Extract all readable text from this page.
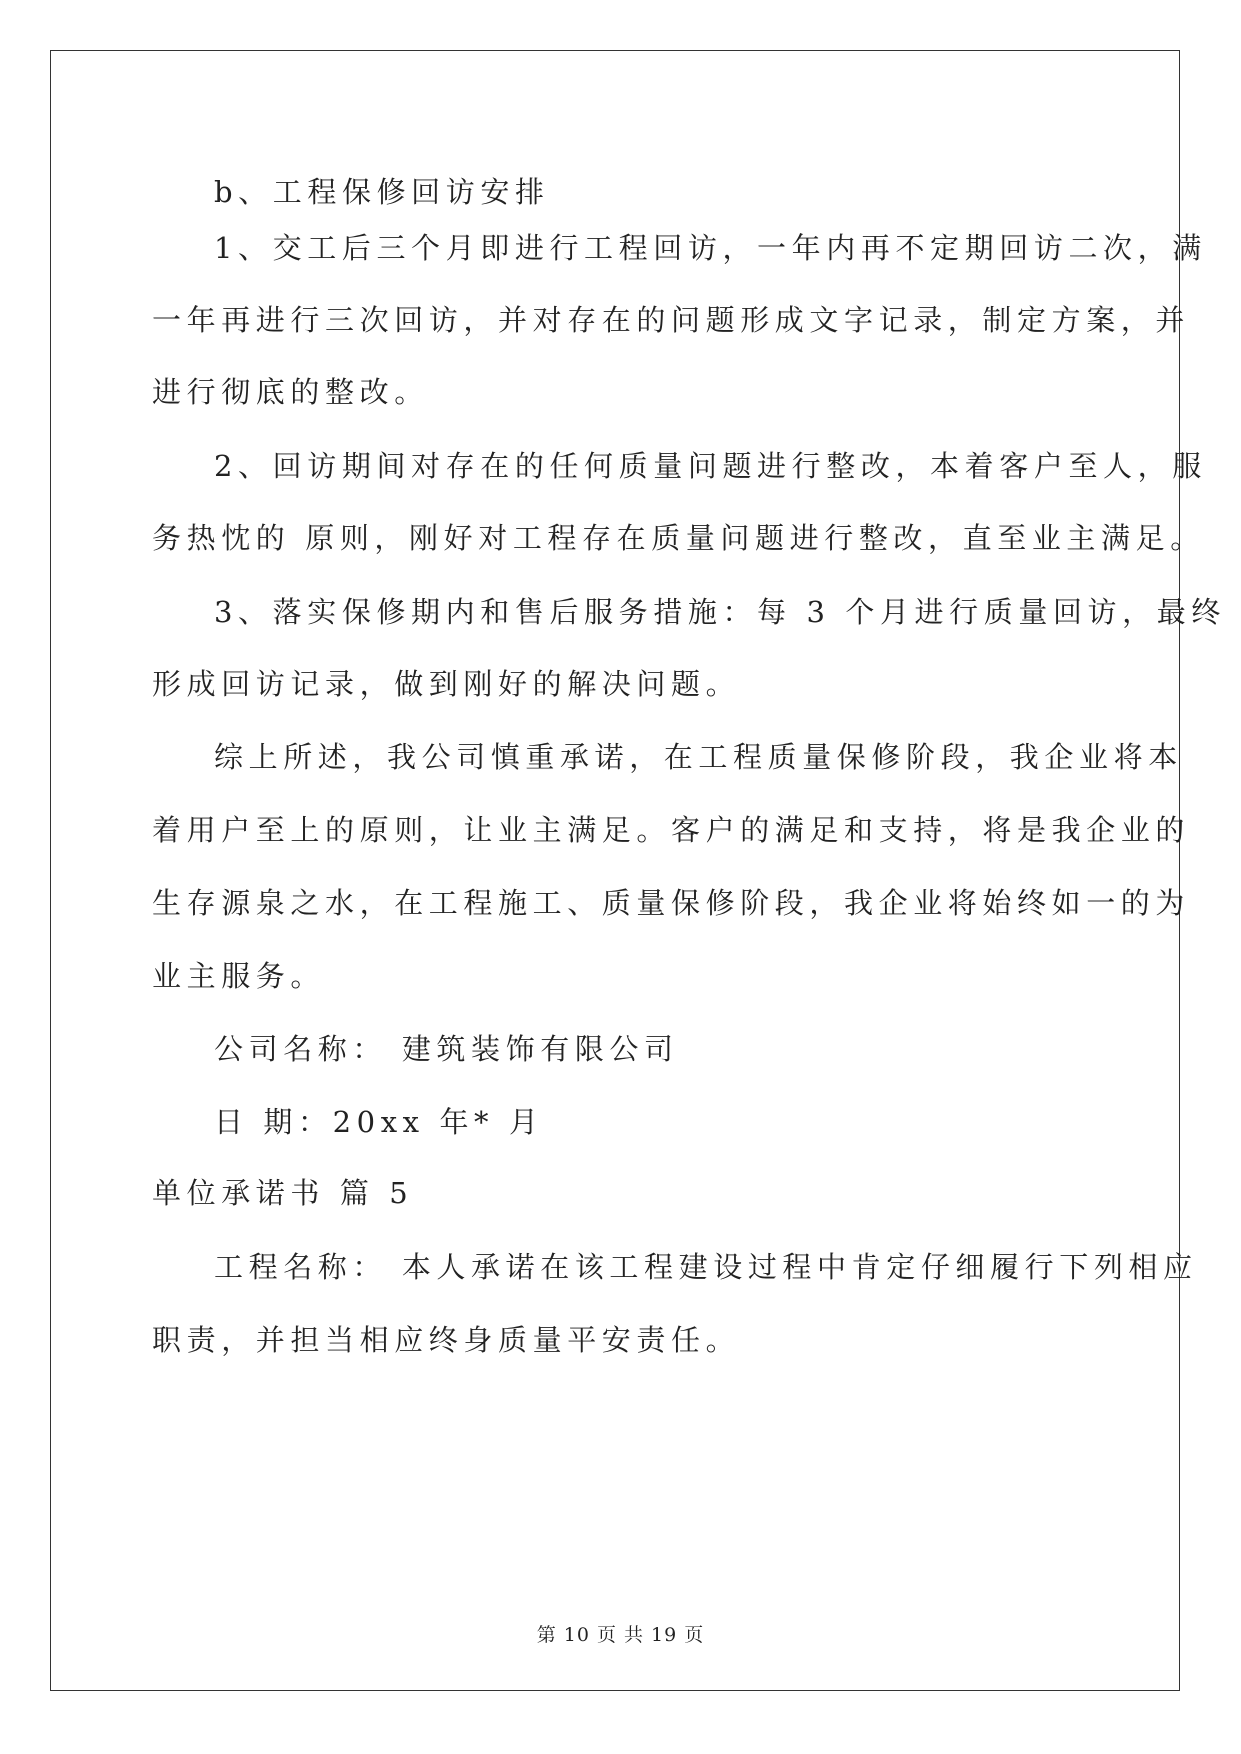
b、工程保修回访安排

1、交工后三个月即进行工程回访，一年内再不定期回访二次，满

一年再进行三次回访，并对存在的问题形成文字记录，制定方案，并

进行彻底的整改。

2、回访期间对存在的任何质量问题进行整改，本着客户至人，服

务热忱的 原则，刚好对工程存在质量问题进行整改，直至业主满足。

3、落实保修期内和售后服务措施：每 3 个月进行质量回访，最终

形成回访记录，做到刚好的解决问题。

综上所述，我公司慎重承诺，在工程质量保修阶段，我企业将本

着用户至上的原则，让业主满足。客户的满足和支持，将是我企业的

生存源泉之水，在工程施工、质量保修阶段，我企业将始终如一的为

业主服务。

公司名称： 建筑装饰有限公司

日 期：20xx 年* 月

单位承诺书 篇 5

工程名称： 本人承诺在该工程建设过程中肯定仔细履行下列相应

职责，并担当相应终身质量平安责任。

第 10 页 共 19 页
